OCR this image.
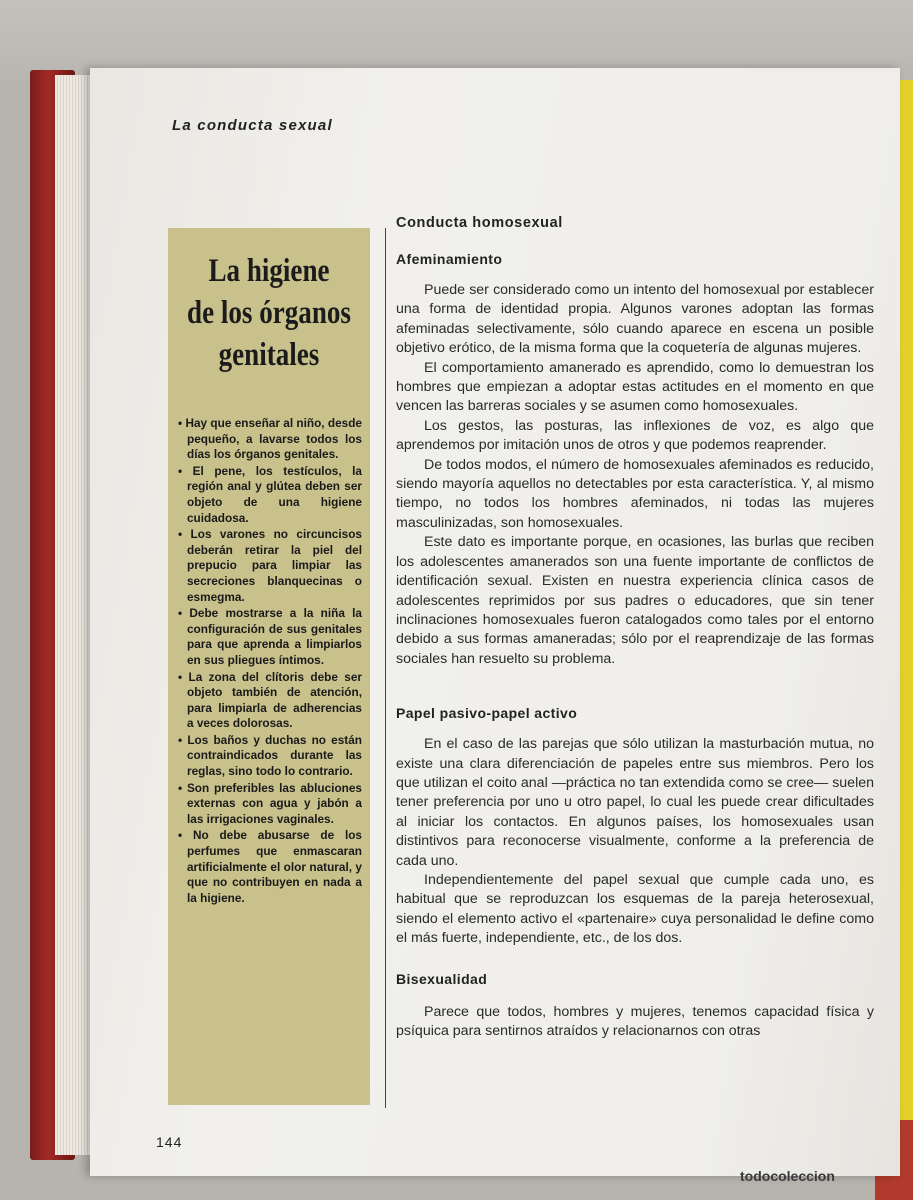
La conducta sexual
La higiene
de los órganos
genitales
• Hay que enseñar al niño, desde pequeño, a lavarse todos los días los órganos genitales.
• El pene, los testículos, la región anal y glútea deben ser objeto de una higiene cuidadosa.
• Los varones no circuncisos deberán retirar la piel del prepucio para limpiar las secreciones blanquecinas o esmegma.
• Debe mostrarse a la niña la configuración de sus genitales para que aprenda a limpiarlos en sus pliegues íntimos.
• La zona del clítoris debe ser objeto también de atención, para limpiarla de adherencias a veces dolorosas.
• Los baños y duchas no están contraindicados durante las reglas, sino todo lo contrario.
• Son preferibles las abluciones externas con agua y jabón a las irrigaciones vaginales.
• No debe abusarse de los perfumes que enmascaran artificialmente el olor natural, y que no contribuyen en nada a la higiene.

Conducta homosexual

Afeminamiento

Puede ser considerado como un intento del homosexual por establecer una forma de identidad propia. Algunos varones adoptan las formas afeminadas selectivamente, sólo cuando aparece en escena un posible objetivo erótico, de la misma forma que la coquetería de algunas mujeres.

El comportamiento amanerado es aprendido, como lo demuestran los hombres que empiezan a adoptar estas actitudes en el momento en que vencen las barreras sociales y se asumen como homosexuales.

Los gestos, las posturas, las inflexiones de voz, es algo que aprendemos por imitación unos de otros y que podemos reaprender.

De todos modos, el número de homosexuales afeminados es reducido, siendo mayoría aquellos no detectables por esta característica. Y, al mismo tiempo, no todos los hombres afeminados, ni todas las mujeres masculinizadas, son homosexuales.

Este dato es importante porque, en ocasiones, las burlas que reciben los adolescentes amanerados son una fuente importante de conflictos de identificación sexual. Existen en nuestra experiencia clínica casos de adolescentes reprimidos por sus padres o educadores, que sin tener inclinaciones homosexuales fueron catalogados como tales por el entorno debido a sus formas amaneradas; sólo por el reaprendizaje de las formas sociales han resuelto su problema.

Papel pasivo-papel activo

En el caso de las parejas que sólo utilizan la masturbación mutua, no existe una clara diferenciación de papeles entre sus miembros. Pero los que utilizan el coito anal —práctica no tan extendida como se cree— suelen tener preferencia por uno u otro papel, lo cual les puede crear dificultades al iniciar los contactos. En algunos países, los homosexuales usan distintivos para reconocerse visualmente, conforme a la preferencia de cada uno.

Independientemente del papel sexual que cumple cada uno, es habitual que se reproduzcan los esquemas de la pareja heterosexual, siendo el elemento activo el «partenaire» cuya personalidad le define como el más fuerte, independiente, etc., de los dos.

Bisexualidad

Parece que todos, hombres y mujeres, tenemos capacidad física y psíquica para sentirnos atraídos y relacionarnos con otras

144
todocoleccion
